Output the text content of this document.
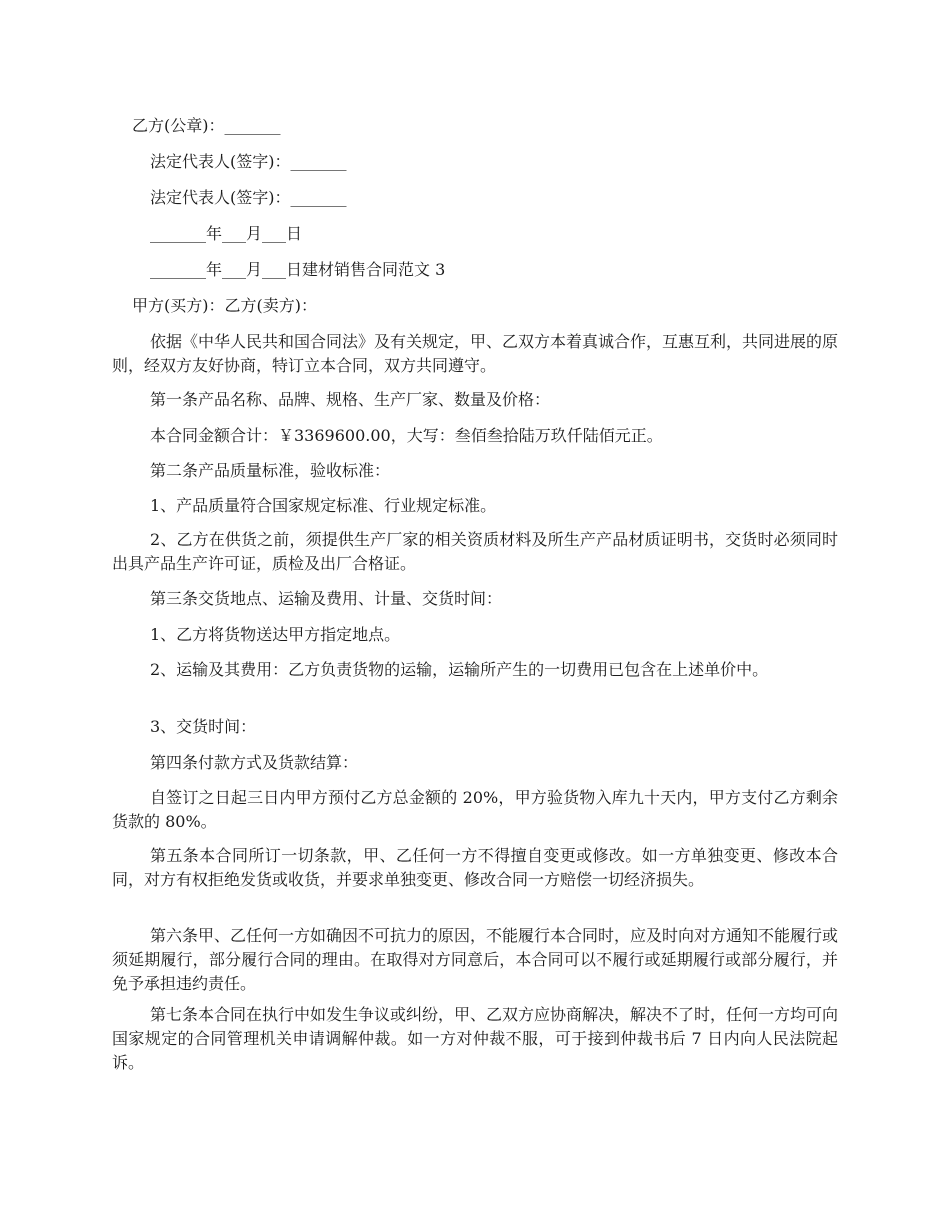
乙方(公章)：_______
法定代表人(签字)：_______
法定代表人(签字)：_______
_______年___月___日
_______年___月___日建材销售合同范文 3
甲方(买方)：乙方(卖方)：
依据《中华人民共和国合同法》及有关规定，甲、乙双方本着真诚合作，互惠互利，共同进展的原则，经双方友好协商，特订立本合同，双方共同遵守。
第一条产品名称、品牌、规格、生产厂家、数量及价格：
本合同金额合计：￥3369600.00，大写：叁佰叁拾陆万玖仟陆佰元正。
第二条产品质量标准，验收标准：
1、产品质量符合国家规定标准、行业规定标准。
2、乙方在供货之前，须提供生产厂家的相关资质材料及所生产产品材质证明书，交货时必须同时出具产品生产许可证，质检及出厂合格证。
第三条交货地点、运输及费用、计量、交货时间：
1、乙方将货物送达甲方指定地点。
2、运输及其费用：乙方负责货物的运输，运输所产生的一切费用已包含在上述单价中。
3、交货时间：
第四条付款方式及货款结算：
自签订之日起三日内甲方预付乙方总金额的 20%，甲方验货物入库九十天内，甲方支付乙方剩余货款的 80%。
第五条本合同所订一切条款，甲、乙任何一方不得擅自变更或修改。如一方单独变更、修改本合同，对方有权拒绝发货或收货，并要求单独变更、修改合同一方赔偿一切经济损失。
第六条甲、乙任何一方如确因不可抗力的原因，不能履行本合同时，应及时向对方通知不能履行或须延期履行，部分履行合同的理由。在取得对方同意后，本合同可以不履行或延期履行或部分履行，并免予承担违约责任。
第七条本合同在执行中如发生争议或纠纷，甲、乙双方应协商解决，解决不了时，任何一方均可向国家规定的合同管理机关申请调解仲裁。如一方对仲裁不服，可于接到仲裁书后 7 日内向人民法院起诉。
